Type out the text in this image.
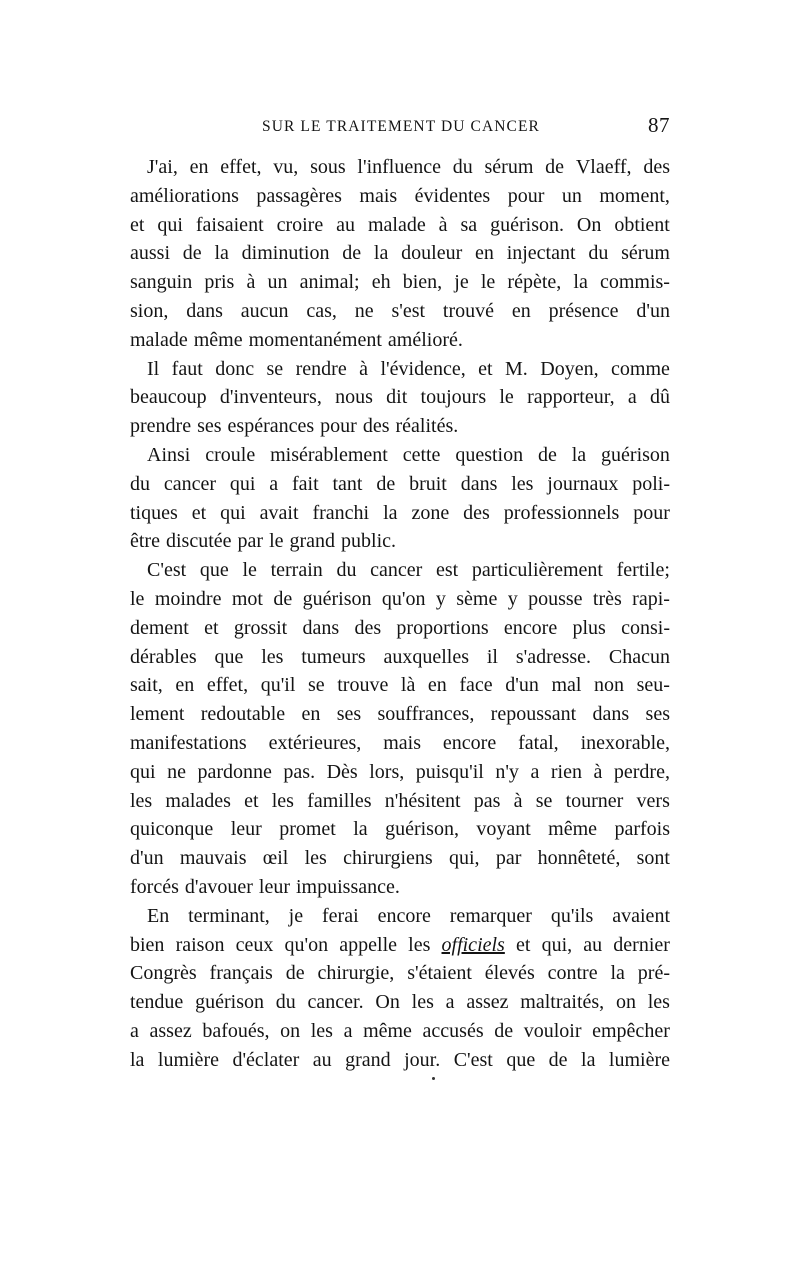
SUR LE TRAITEMENT DU CANCER	87
J'ai, en effet, vu, sous l'influence du sérum de Vlaeff, des
améliorations passagères mais évidentes pour un moment,
et qui faisaient croire au malade à sa guérison. On obtient
aussi de la diminution de la douleur en injectant du sérum
sanguin pris à un animal; eh bien, je le répète, la commis-
sion, dans aucun cas, ne s'est trouvé en présence d'un
malade même momentanément amélioré.
Il faut donc se rendre à l'évidence, et M. Doyen, comme
beaucoup d'inventeurs, nous dit toujours le rapporteur, a dû
prendre ses espérances pour des réalités.
Ainsi croule misérablement cette question de la guérison
du cancer qui a fait tant de bruit dans les journaux poli-
tiques et qui avait franchi la zone des professionnels pour
être discutée par le grand public.
C'est que le terrain du cancer est particulièrement fertile;
le moindre mot de guérison qu'on y sème y pousse très rapi-
dement et grossit dans des proportions encore plus consi-
dérables que les tumeurs auxquelles il s'adresse. Chacun
sait, en effet, qu'il se trouve là en face d'un mal non seu-
lement redoutable en ses souffrances, repoussant dans ses
manifestations extérieures, mais encore fatal, inexorable,
qui ne pardonne pas. Dès lors, puisqu'il n'y a rien à perdre,
les malades et les familles n'hésitent pas à se tourner vers
quiconque leur promet la guérison, voyant même parfois
d'un mauvais œil les chirurgiens qui, par honnêteté, sont
forcés d'avouer leur impuissance.
En terminant, je ferai encore remarquer qu'ils avaient
bien raison ceux qu'on appelle les officiels et qui, au dernier
Congrès français de chirurgie, s'étaient élevés contre la pré-
tendue guérison du cancer. On les a assez maltraités, on les
a assez bafoués, on les a même accusés de vouloir empêcher
la lumière d'éclater au grand jour. C'est que de la lumière
